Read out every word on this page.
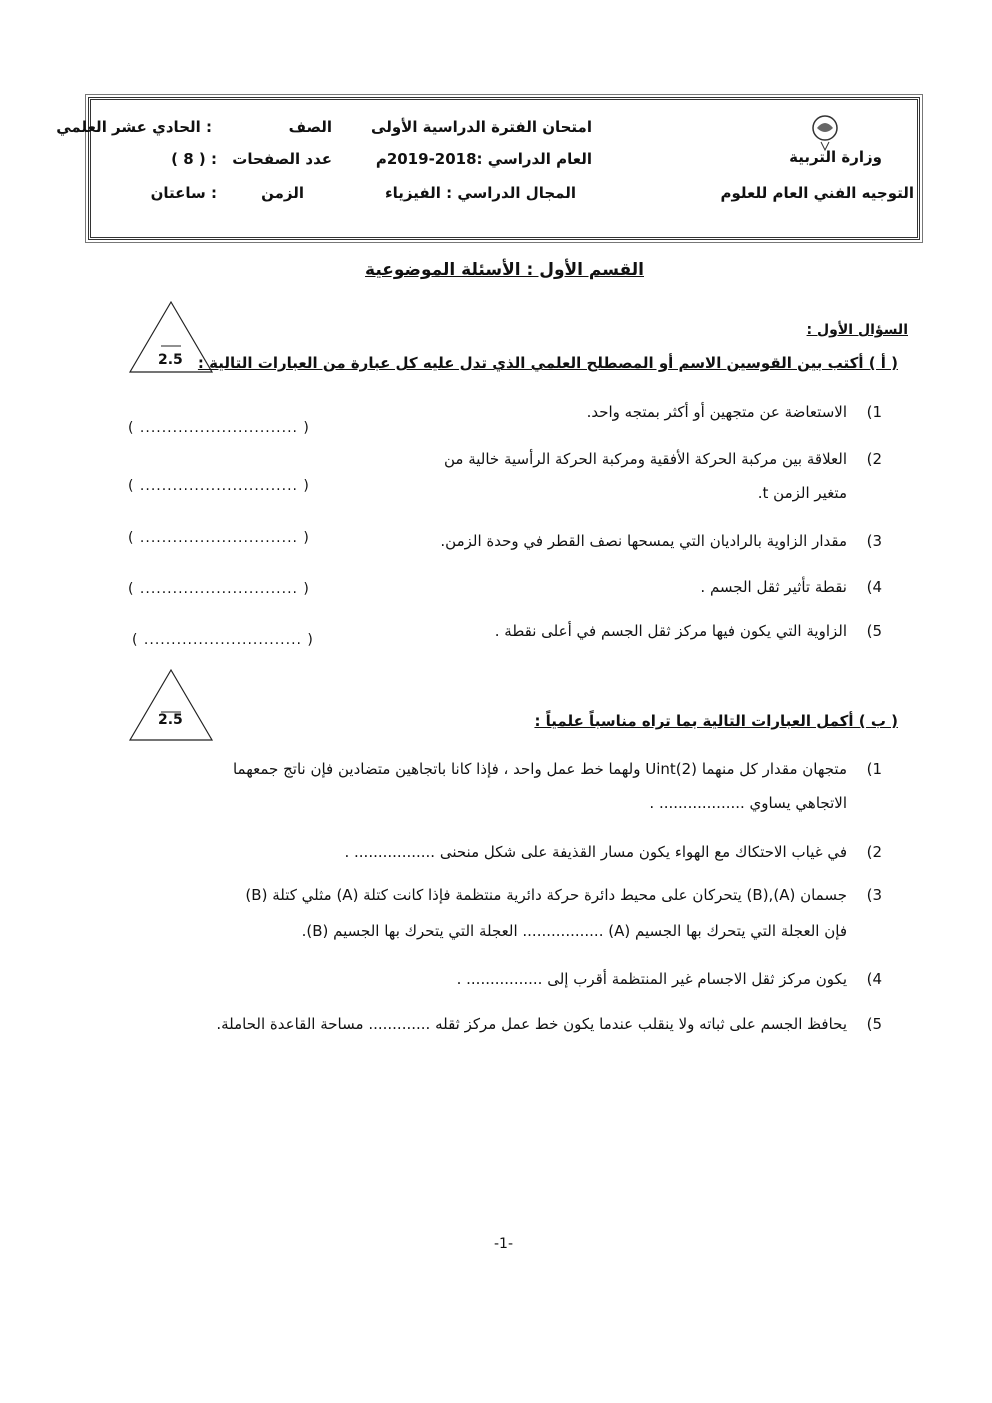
وزارة التربية
التوجيه الفني العام للعلوم
امتحان الفترة الدراسية الأولى
العام الدراسي :2018-2019م
المجال الدراسي : الفيزياء
الصف
: الحادي عشر العلمي
عدد الصفحات
: ( 8 )
الزمن
: ساعتان
القسم الأول : الأسئلة الموضوعية
2.5
السؤال الأول :
( أ ) أكتب بين القوسين الاسم أو المصطلح العلمي الذي تدل عليه كل عبارة من العبارات التالية :
1)
الاستعاضة عن متجهين أو أكثر بمتجه واحد.
( ............................. )
2)
العلاقة بين مركبة الحركة الأفقية ومركبة الحركة الرأسية خالية من
متغير الزمن t.
( ............................. )
3)
مقدار الزاوية بالراديان التي يمسحها نصف القطر في وحدة الزمن.
( ............................. )
4)
نقطة تأثير ثقل الجسم .
( ............................. )
5)
الزاوية التي يكون فيها مركز ثقل الجسم في أعلى نقطة .
( ............................. )
2.5	( ب ) أكمل العبارات التالية بما تراه مناسباً علمياً :
1)
متجهان مقدار كل منهما Uint(2) ولهما خط عمل واحد ، فإذا كانا باتجاهين متضادين فإن ناتج جمعهما
الاتجاهي يساوي .................. .
2)
في غياب الاحتكاك مع الهواء يكون مسار القذيفة على شكل منحنى ................. .
3)
جسمان (A),(B) يتحركان على محيط دائرة حركة دائرية منتظمة فإذا كانت كتلة (A) مثلي كتلة (B)
فإن العجلة التي يتحرك بها الجسيم (A) ................. العجلة التي يتحرك بها الجسيم (B).
4)
يكون مركز ثقل الاجسام غير المنتظمة أقرب إلى ................ .
5)
يحافظ الجسم على ثباته ولا ينقلب عندما يكون خط عمل مركز ثقله ............. مساحة القاعدة الحاملة.
-1-
